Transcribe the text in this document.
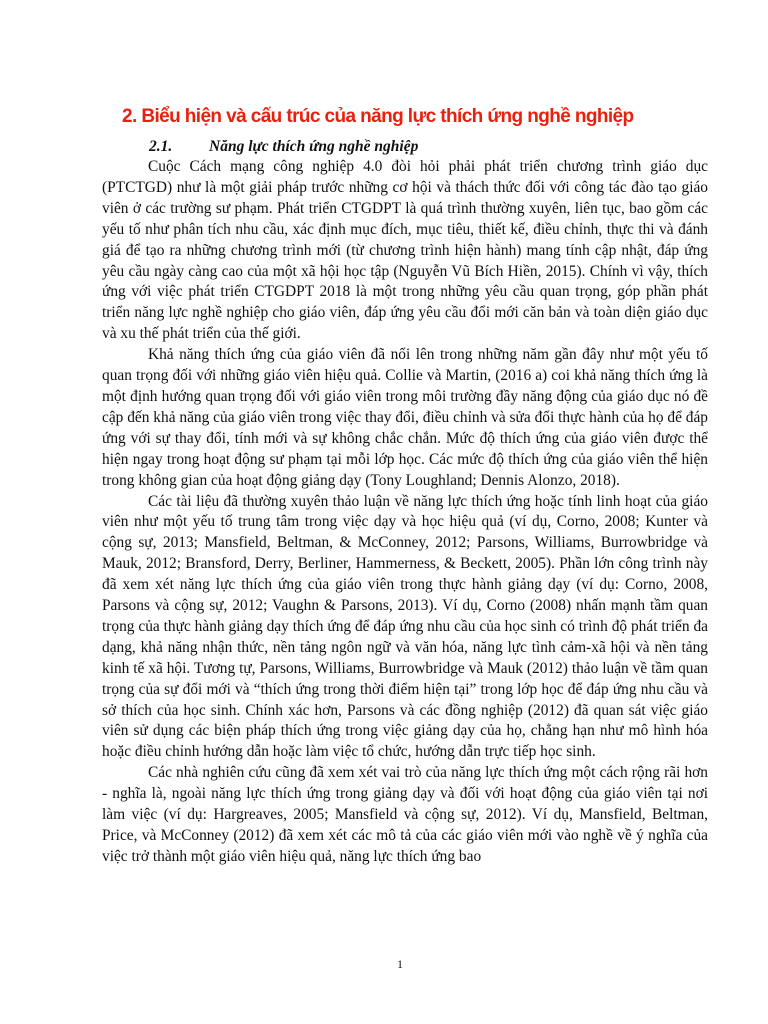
2. Biểu hiện và cấu trúc của năng lực thích ứng nghề nghiệp
2.1. Năng lực thích ứng nghề nghiệp

Cuộc Cách mạng công nghiệp 4.0 đòi hỏi phải phát triển chương trình giáo dục (PTCTGD) như là một giải pháp trước những cơ hội và thách thức đối với công tác đào tạo giáo viên ở các trường sư phạm. Phát triển CTGDPT là quá trình thường xuyên, liên tục, bao gồm các yếu tố như phân tích nhu cầu, xác định mục đích, mục tiêu, thiết kế, điều chỉnh, thực thi và đánh giá để tạo ra những chương trình mới (từ chương trình hiện hành) mang tính cập nhật, đáp ứng yêu cầu ngày càng cao của một xã hội học tập (Nguyễn Vũ Bích Hiền, 2015). Chính vì vậy, thích ứng với việc phát triển CTGDPT 2018 là một trong những yêu cầu quan trọng, góp phần phát triển năng lực nghề nghiệp cho giáo viên, đáp ứng yêu cầu đổi mới căn bản và toàn diện giáo dục và xu thế phát triển của thế giới.

Khả năng thích ứng của giáo viên đã nổi lên trong những năm gần đây như một yếu tố quan trọng đối với những giáo viên hiệu quả. Collie và Martin, (2016 a) coi khả năng thích ứng là một định hướng quan trọng đối với giáo viên trong môi trường đầy năng động của giáo dục nó đề cập đến khả năng của giáo viên trong việc thay đổi, điều chỉnh và sửa đổi thực hành của họ để đáp ứng với sự thay đổi, tính mới và sự không chắc chắn. Mức độ thích ứng của giáo viên được thể hiện ngay trong hoạt động sư phạm tại mỗi lớp học. Các mức độ thích ứng của giáo viên thể hiện trong không gian của hoạt động giảng dạy (Tony Loughland; Dennis Alonzo, 2018).

Các tài liệu đã thường xuyên thảo luận về năng lực thích ứng hoặc tính linh hoạt của giáo viên như một yếu tố trung tâm trong việc dạy và học hiệu quả (ví dụ, Corno, 2008; Kunter và cộng sự, 2013; Mansfield, Beltman, & McConney, 2012; Parsons, Williams, Burrowbridge và Mauk, 2012; Bransford, Derry, Berliner, Hammerness, & Beckett, 2005). Phần lớn công trình này đã xem xét năng lực thích ứng của giáo viên trong thực hành giảng dạy (ví dụ: Corno, 2008, Parsons và cộng sự, 2012; Vaughn & Parsons, 2013). Ví dụ, Corno (2008) nhấn mạnh tầm quan trọng của thực hành giảng dạy thích ứng để đáp ứng nhu cầu của học sinh có trình độ phát triển đa dạng, khả năng nhận thức, nền tảng ngôn ngữ và văn hóa, năng lực tình cảm-xã hội và nền tảng kinh tế xã hội. Tương tự, Parsons, Williams, Burrowbridge và Mauk (2012) thảo luận về tầm quan trọng của sự đổi mới và “thích ứng trong thời điểm hiện tại” trong lớp học để đáp ứng nhu cầu và sở thích của học sinh. Chính xác hơn, Parsons và các đồng nghiệp (2012) đã quan sát việc giáo viên sử dụng các biện pháp thích ứng trong việc giảng dạy của họ, chẳng hạn như mô hình hóa hoặc điều chỉnh hướng dẫn hoặc làm việc tổ chức, hướng dẫn trực tiếp học sinh.

Các nhà nghiên cứu cũng đã xem xét vai trò của năng lực thích ứng một cách rộng rãi hơn - nghĩa là, ngoài năng lực thích ứng trong giảng dạy và đối với hoạt động của giáo viên tại nơi làm việc (ví dụ: Hargreaves, 2005; Mansfield và cộng sự, 2012). Ví dụ, Mansfield, Beltman, Price, và McConney (2012) đã xem xét các mô tả của các giáo viên mới vào nghề về ý nghĩa của việc trở thành một giáo viên hiệu quả, năng lực thích ứng bao

1
